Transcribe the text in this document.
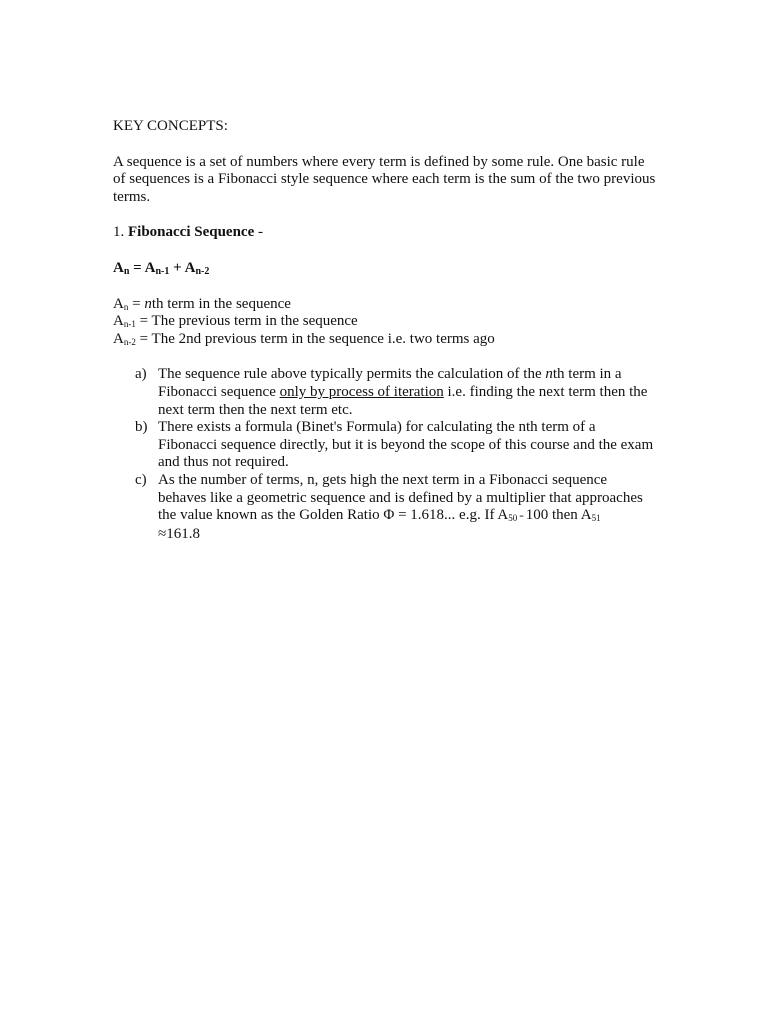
KEY CONCEPTS:

A sequence is a set of numbers where every term is defined by some rule. One basic rule of sequences is a Fibonacci style sequence where each term is the sum of the two previous terms.

1. Fibonacci Sequence -

$A_n = A_{n-1} + A_{n-2}$

$A_n$ = nth term in the sequence

$A_{n-1}$ = The previous term in the sequence

$A_{n-2}$ = The 2nd previous term in the sequence i.e. two terms ago

a) The sequence rule above typically permits the calculation of the nth term in a Fibonacci sequence only by process of iteration i.e. finding the next term then the next term then the next term etc.
b) There exists a formula (Binet's Formula) for calculating the nth term of a Fibonacci sequence directly, but it is beyond the scope of this course and the exam and thus not required.
c) As the number of terms, n, gets high the next term in a Fibonacci sequence behaves like a geometric sequence and is defined by a multiplier that approaches the value known as the Golden Ratio Φ = 1.618... e.g. If $A_{50} = 100$ then $A_{51}$
≈161.8
